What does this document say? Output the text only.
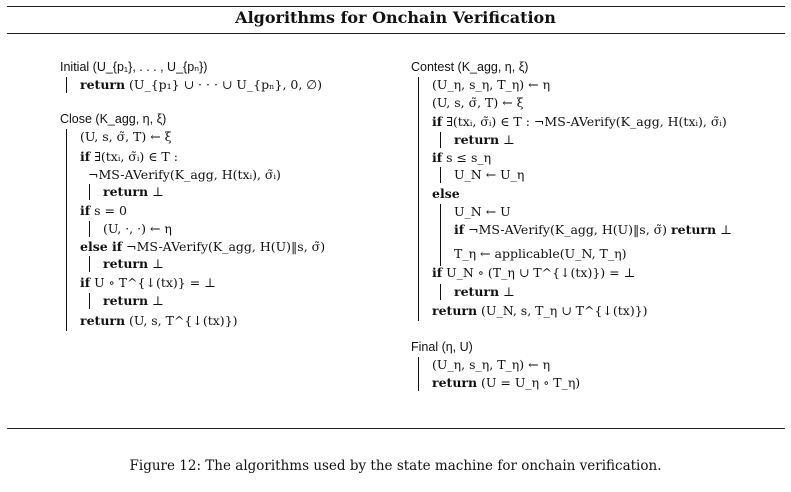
Algorithms for Onchain Verification
Initial (U_{p₁}, . . . , U_{pₙ})
return (U_{p₁} ∪ · · · ∪ U_{pₙ}, 0, ∅)
Close (K_agg, η, ξ)
(U, s, σ̃, T) ← ξ
if ∃(txᵢ, σ̃ᵢ) ∈ T :
¬MS-AVerify(K_agg, H(txᵢ), σ̃ᵢ)
return ⊥
if s = 0
(U, ·, ·) ← η
else if ¬MS-AVerify(K_agg, H(U)‖s, σ̃)
return ⊥
if U ∘ T^{↓(tx)} = ⊥
return ⊥
return (U, s, T^{↓(tx)})
Contest (K_agg, η, ξ)
(U_η, s_η, T_η) ← η
(U, s, σ̃, T) ← ξ
if ∃(txᵢ, σ̃ᵢ) ∈ T : ¬MS-AVerify(K_agg, H(txᵢ), σ̃ᵢ)
return ⊥
if s ≤ s_η
U_N ← U_η
else
U_N ← U
if ¬MS-AVerify(K_agg, H(U)‖s, σ̃) return ⊥
T_η ← applicable(U_N, T_η)
if U_N ∘ (T_η ∪ T^{↓(tx)}) = ⊥
return ⊥
return (U_N, s, T_η ∪ T^{↓(tx)})
Final (η, U)
(U_η, s_η, T_η) ← η
return (U = U_η ∘ T_η)
Figure 12: The algorithms used by the state machine for onchain verification.
